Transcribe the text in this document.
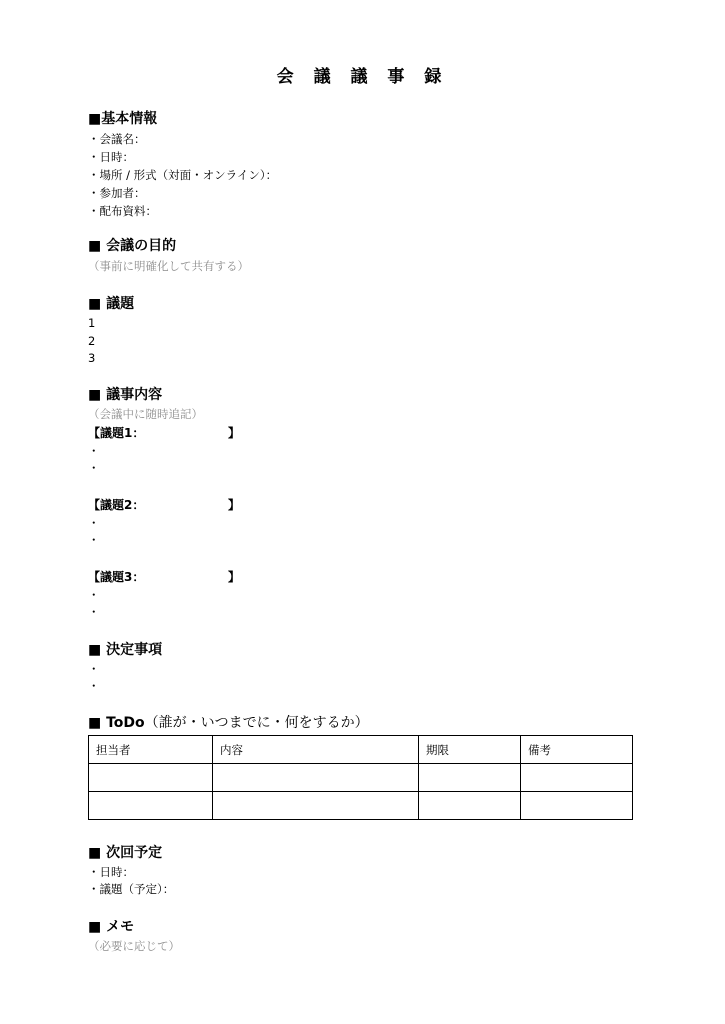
会 議 議 事 録
■基本情報
・会議名：
・日時：
・場所 / 形式（対面・オンライン）：
・参加者：
・配布資料：
■ 会議の目的
（事前に明確化して共有する）
■ 議題
1
2
3
■ 議事内容
（会議中に随時追記）
【議題1：	】
・
・
【議題2：	】
・
・
【議題3：	】
・
・
■ 決定事項
・
・
■ ToDo（誰が・いつまでに・何をするか）
担当者	内容	期限	備考

■ 次回予定
・日時：
・議題（予定）：
■ メモ
（必要に応じて）
